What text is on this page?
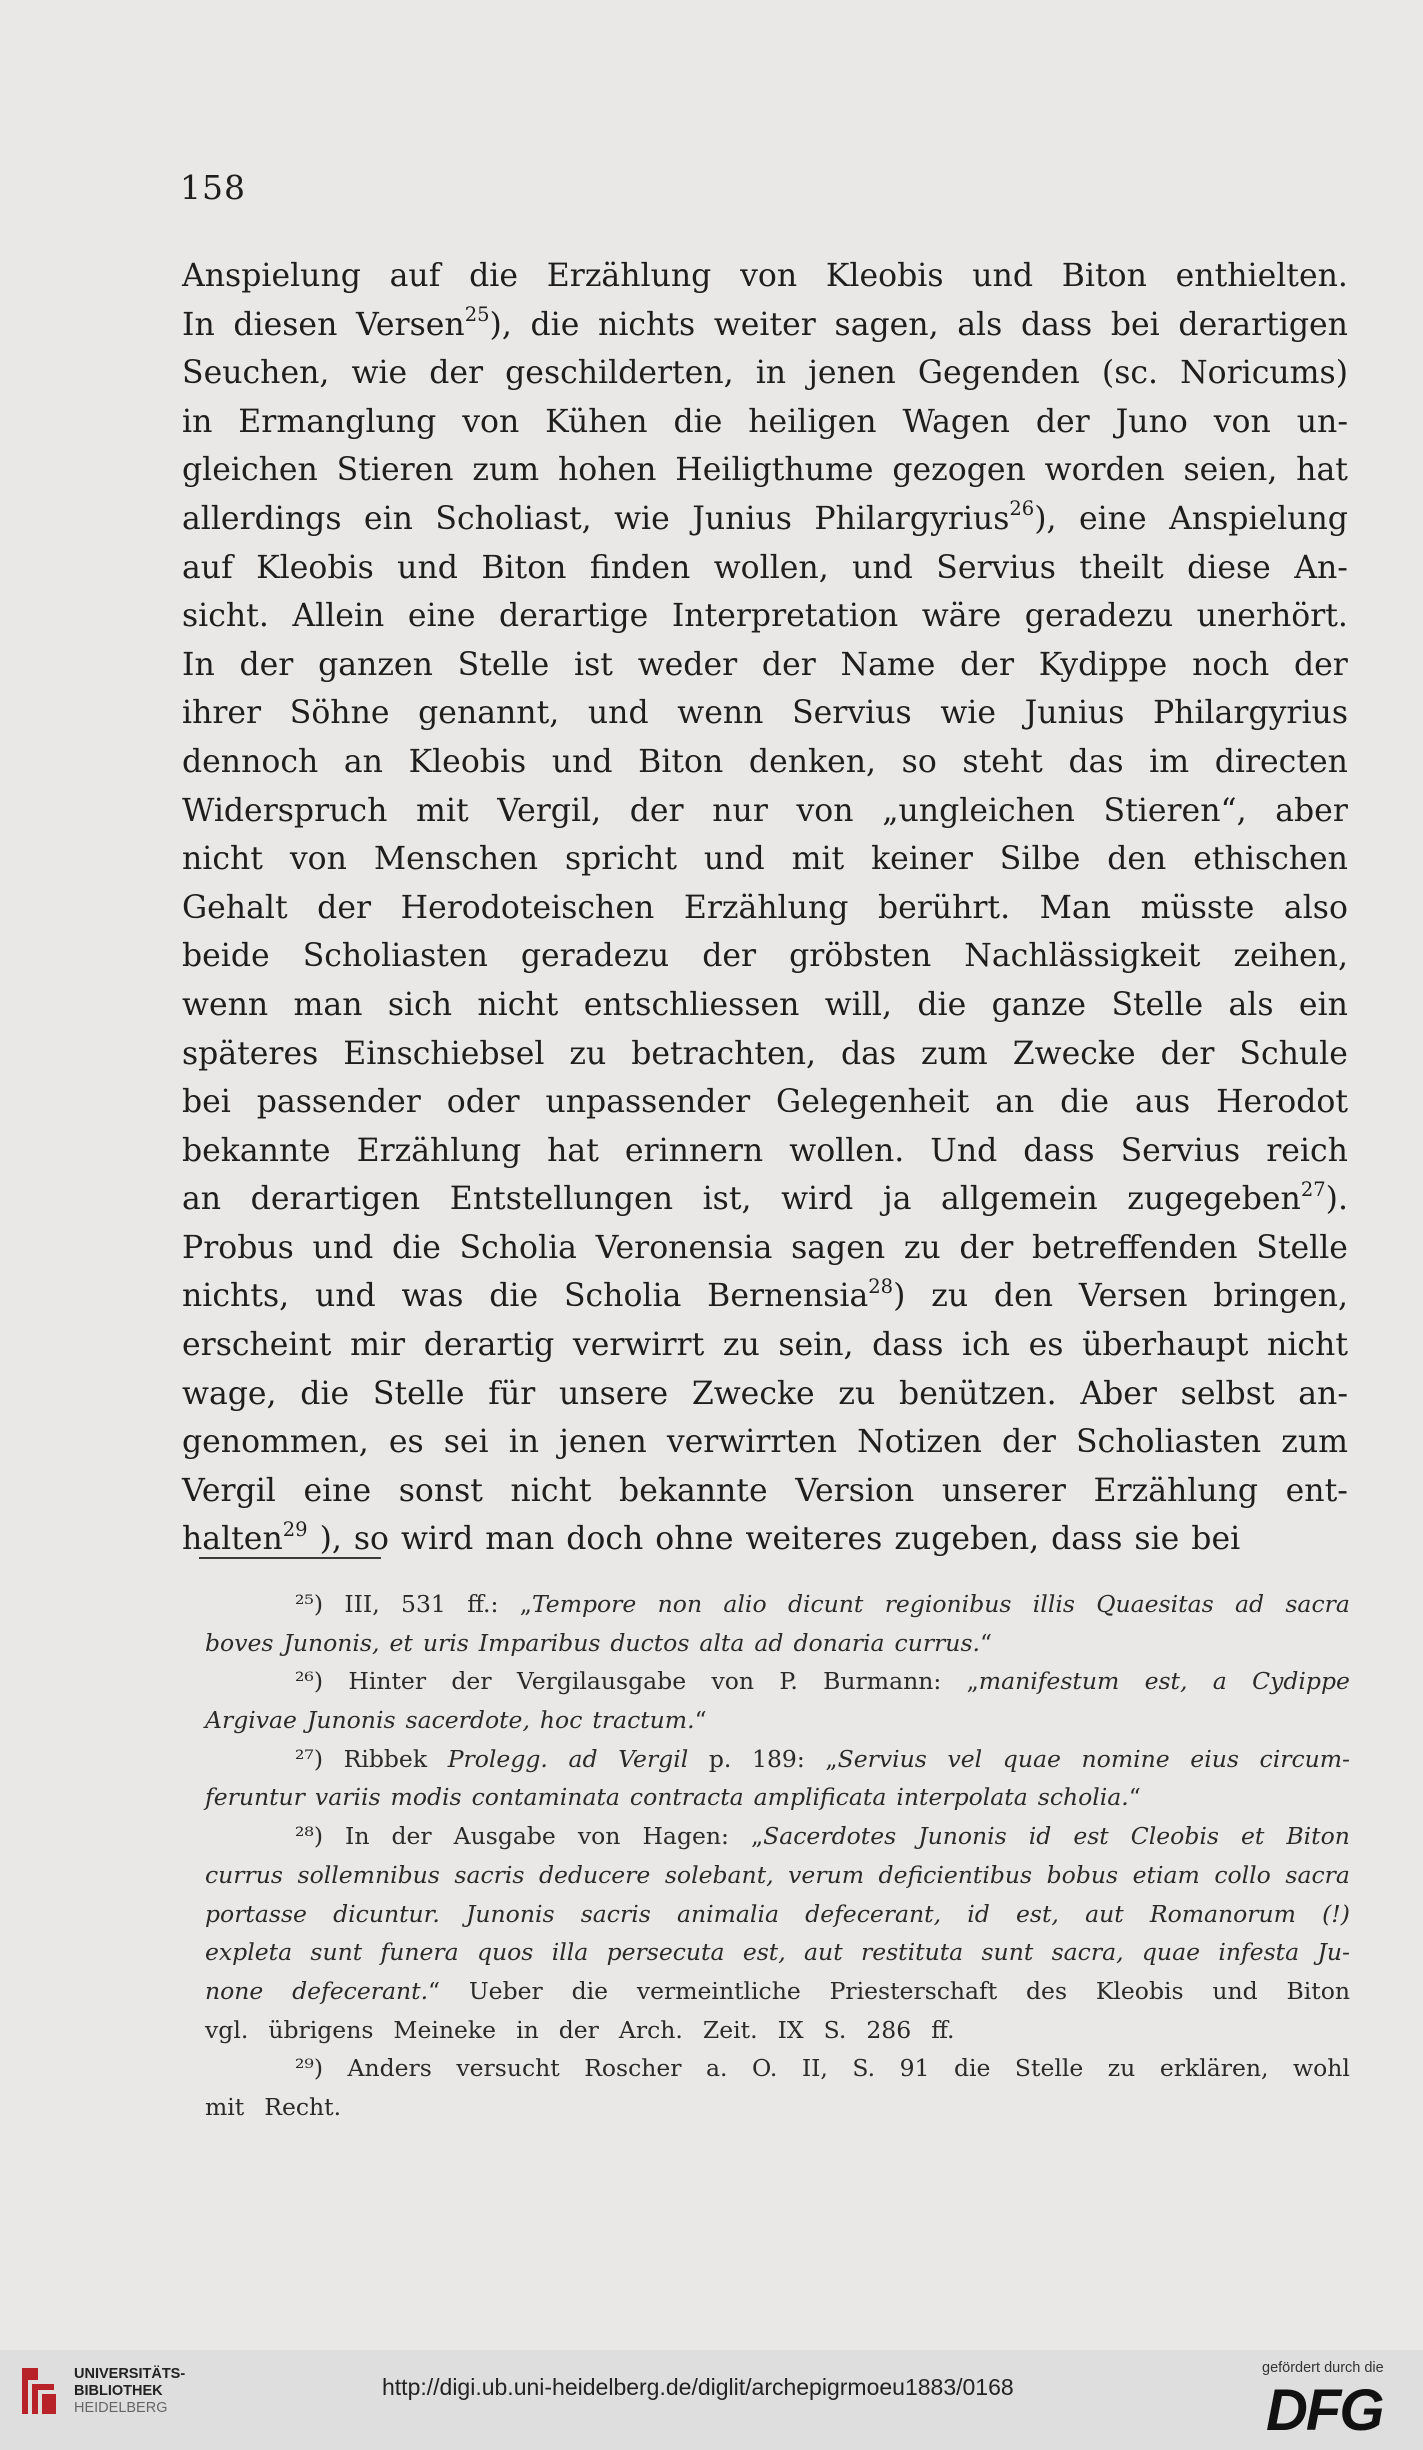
158
Anspielung auf die Erzählung von Kleobis und Biton enthielten.
In diesen Versen$^{25}$), die nichts weiter sagen, als dass bei derartigen
Seuchen, wie der geschilderten, in jenen Gegenden (sc. Noricums)
in Ermanglung von Kühen die heiligen Wagen der Juno von un-
gleichen Stieren zum hohen Heiligthume gezogen worden seien, hat
allerdings ein Scholiast, wie Junius Philargyrius$^{26}$), eine Anspielung
auf Kleobis und Biton finden wollen, und Servius theilt diese An-
sicht. Allein eine derartige Interpretation wäre geradezu unerhört.
In der ganzen Stelle ist weder der Name der Kydippe noch der
ihrer Söhne genannt, und wenn Servius wie Junius Philargyrius
dennoch an Kleobis und Biton denken, so steht das im directen
Widerspruch mit Vergil, der nur von „ungleichen Stieren“, aber
nicht von Menschen spricht und mit keiner Silbe den ethischen
Gehalt der Herodoteischen Erzählung berührt. Man müsste also
beide Scholiasten geradezu der gröbsten Nachlässigkeit zeihen,
wenn man sich nicht entschliessen will, die ganze Stelle als ein
späteres Einschiebsel zu betrachten, das zum Zwecke der Schule
bei passender oder unpassender Gelegenheit an die aus Herodot
bekannte Erzählung hat erinnern wollen. Und dass Servius reich
an derartigen Entstellungen ist, wird ja allgemein zugegeben$^{27}$).
Probus und die Scholia Veronensia sagen zu der betreffenden Stelle
nichts, und was die Scholia Bernensia$^{28}$) zu den Versen bringen,
erscheint mir derartig verwirrt zu sein, dass ich es überhaupt nicht
wage, die Stelle für unsere Zwecke zu benützen. Aber selbst an-
genommen, es sei in jenen verwirrten Notizen der Scholiasten zum
Vergil eine sonst nicht bekannte Version unserer Erzählung ent-
halten$^{29}$ ), so wird man doch ohne weiteres zugeben, dass sie bei
²⁵) III, 531 ff.: „Tempore non alio dicunt regionibus illis Quaesitas ad sacra
boves Junonis, et uris Imparibus ductos alta ad donaria currus.“
²⁶) Hinter der Vergilausgabe von P. Burmann: „manifestum est, a Cydippe
Argivae Junonis sacerdote, hoc tractum.“
²⁷) Ribbek Prolegg. ad Vergil p. 189: „Servius vel quae nomine eius circum-
feruntur variis modis contaminata contracta amplificata interpolata scholia.“
²⁸) In der Ausgabe von Hagen: „Sacerdotes Junonis id est Cleobis et Biton
currus sollemnibus sacris deducere solebant, verum deficientibus bobus etiam collo sacra
portasse dicuntur. Junonis sacris animalia defecerant, id est, aut Romanorum (!)
expleta sunt funera quos illa persecuta est, aut restituta sunt sacra, quae infesta Ju-
none defecerant.“ Ueber die vermeintliche Priesterschaft des Kleobis und Biton
vgl. übrigens Meineke in der Arch. Zeit. IX S. 286 ff.
²⁹) Anders versucht Roscher a. O. II, S. 91 die Stelle zu erklären, wohl
mit Recht.
UNIVERSITÄTS-
BIBLIOTHEK
HEIDELBERG
http://digi.ub.uni-heidelberg.de/diglit/archepigrmoeu1883/0168
gefördert durch die
DFG
